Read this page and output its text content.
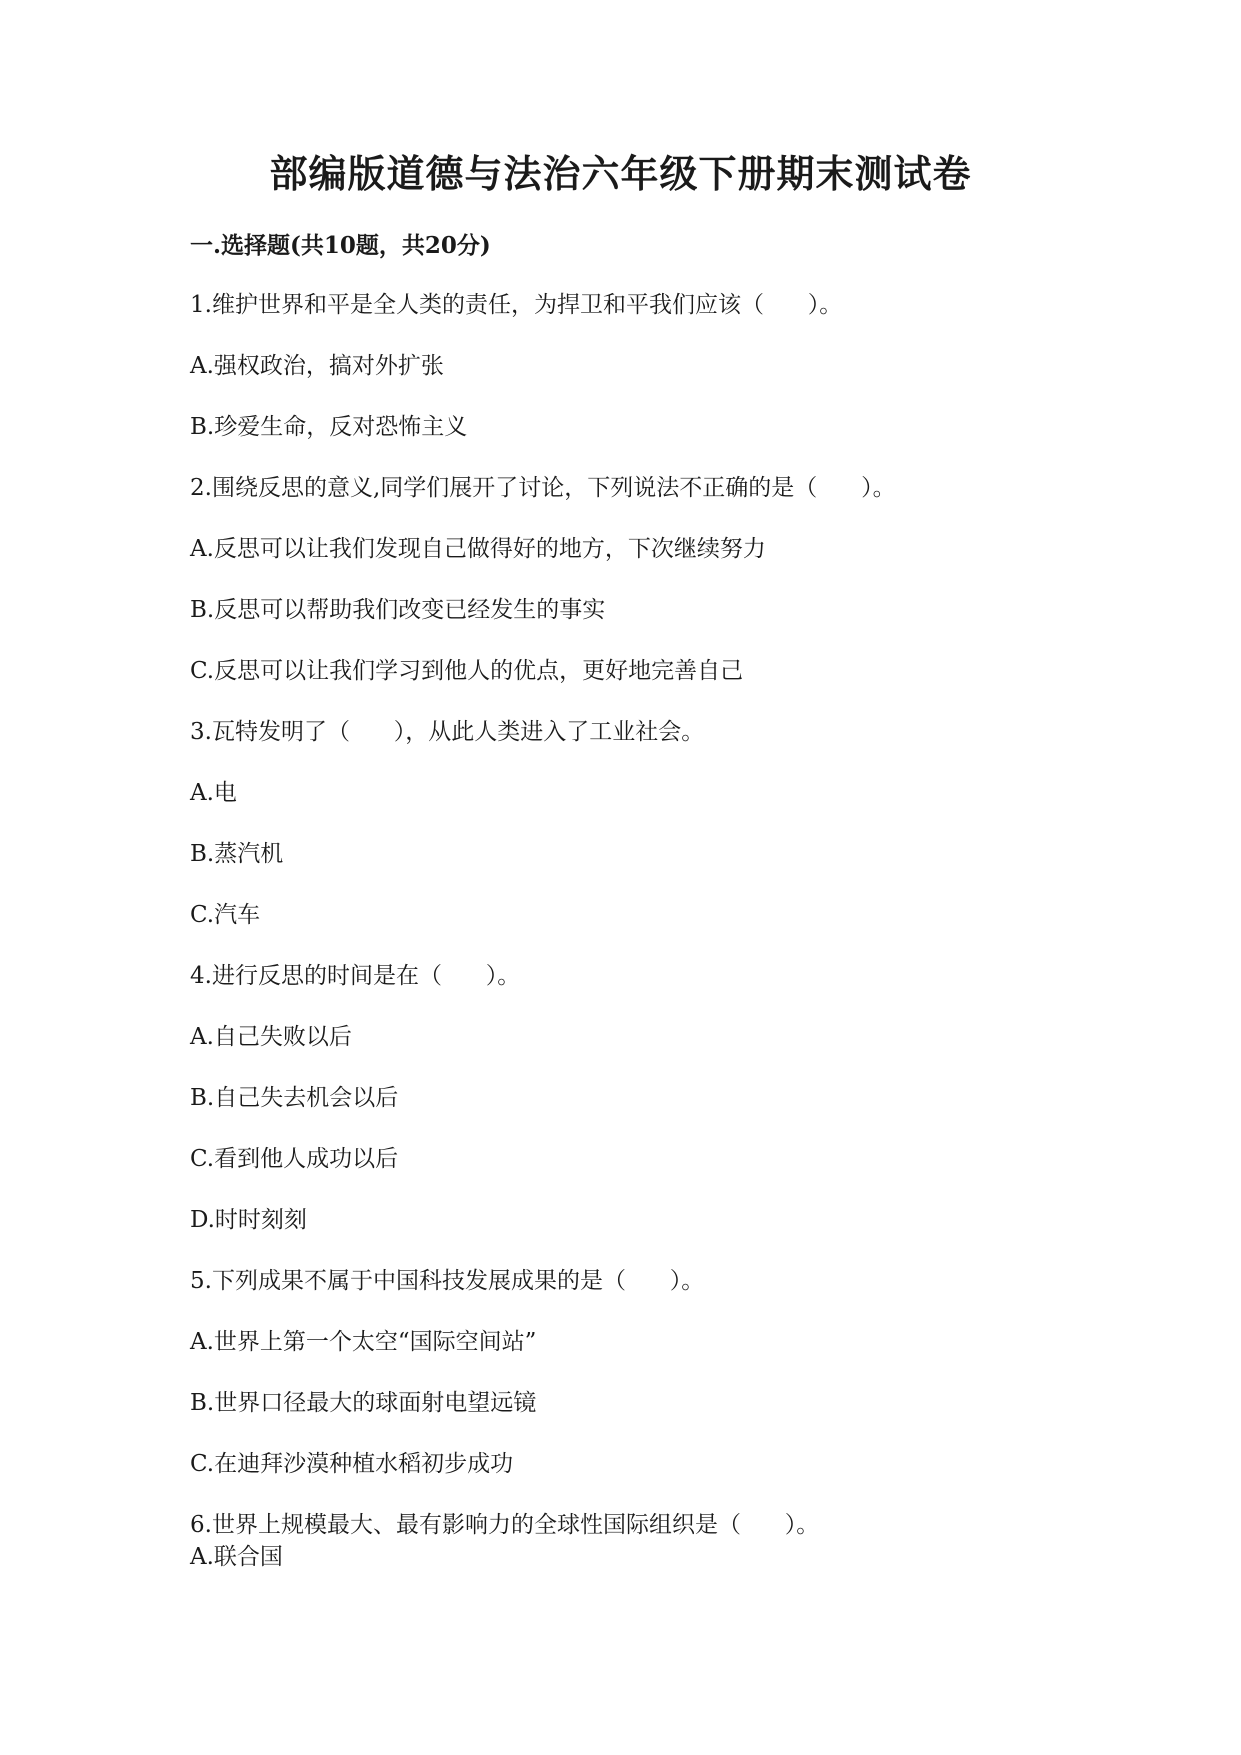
部编版道德与法治六年级下册期末测试卷
一.选择题(共10题，共20分)
1.维护世界和平是全人类的责任，为捍卫和平我们应该（      ）。
A.强权政治，搞对外扩张
B.珍爱生命，反对恐怖主义
2.围绕反思的意义,同学们展开了讨论，下列说法不正确的是（      ）。
A.反思可以让我们发现自己做得好的地方，下次继续努力
B.反思可以帮助我们改变已经发生的事实
C.反思可以让我们学习到他人的优点，更好地完善自己
3.瓦特发明了（      ），从此人类进入了工业社会。
A.电
B.蒸汽机
C.汽车
4.进行反思的时间是在（      ）。
A.自己失败以后
B.自己失去机会以后
C.看到他人成功以后
D.时时刻刻
5.下列成果不属于中国科技发展成果的是（      ）。
A.世界上第一个太空“国际空间站”
B.世界口径最大的球面射电望远镜
C.在迪拜沙漠种植水稻初步成功
6.世界上规模最大、最有影响力的全球性国际组织是（      ）。
A.联合国
